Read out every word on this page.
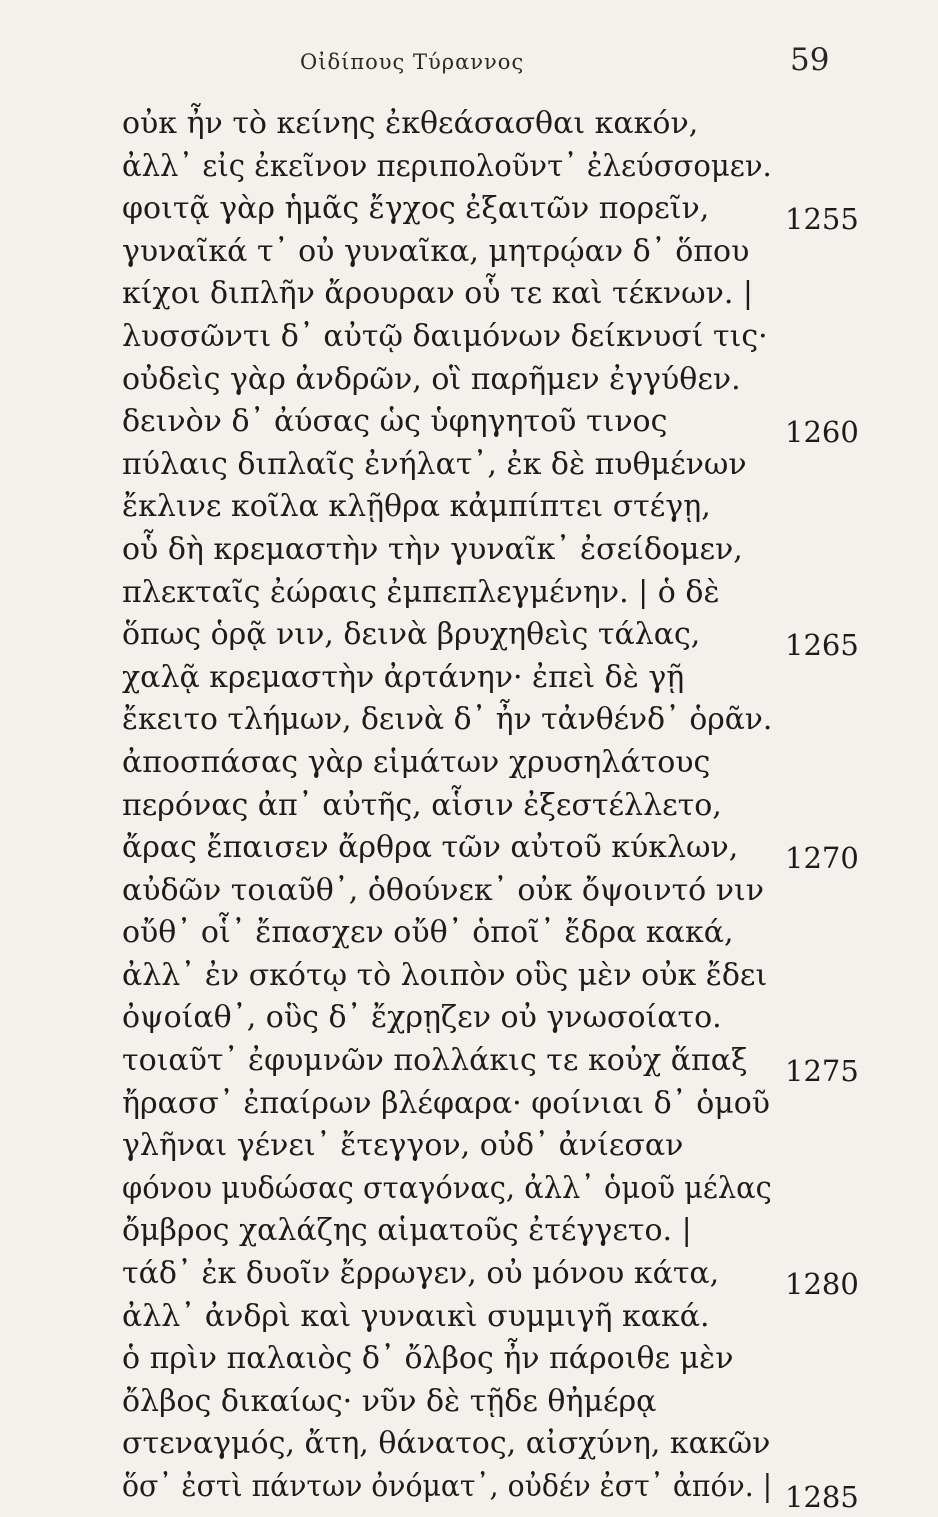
Οἰδίπους Τύραννος	59
οὐκ ἦν τὸ κείνης ἐκθεάσασθαι κακόν,
ἀλλ᾽ εἰς ἐκεῖνον περιπολοῦντ᾽ ἐλεύσσομεν.
φοιτᾷ γὰρ ἡμᾶς ἔγχος ἐξαιτῶν πορεῖν,	1255
γυναῖκά τ᾽ οὐ γυναῖκα, μητρῴαν δ᾽ ὅπου
κίχοι διπλῆν ἄρουραν οὗ τε καὶ τέκνων. |
λυσσῶντι δ᾽ αὐτῷ δαιμόνων δείκνυσί τις·
οὐδεὶς γὰρ ἀνδρῶν, οἳ παρῆμεν ἐγγύθεν.
δεινὸν δ᾽ ἀύσας ὡς ὑφηγητοῦ τινος	1260
πύλαις διπλαῖς ἐνήλατ᾽, ἐκ δὲ πυθμένων
ἔκλινε κοῖλα κλῇθρα κἀμπίπτει στέγῃ,
οὗ δὴ κρεμαστὴν τὴν γυναῖκ᾽ ἐσείδομεν,
πλεκταῖς ἐώραις ἐμπεπλεγμένην. | ὁ δὲ
ὅπως ὁρᾷ νιν, δεινὰ βρυχηθεὶς τάλας,	1265
χαλᾷ κρεμαστὴν ἀρτάνην· ἐπεὶ δὲ γῇ
ἔκειτο τλήμων, δεινὰ δ᾽ ἦν τἀνθένδ᾽ ὁρᾶν.
ἀποσπάσας γὰρ εἱμάτων χρυσηλάτους
περόνας ἀπ᾽ αὐτῆς, αἷσιν ἐξεστέλλετο,
ἄρας ἔπαισεν ἄρθρα τῶν αὐτοῦ κύκλων, 1270
αὐδῶν τοιαῦθ᾽, ὁθούνεκ᾽ οὐκ ὄψοιντό νιν
οὔθ᾽ οἷ᾽ ἔπασχεν οὔθ᾽ ὁποῖ᾽ ἔδρα κακά,
ἀλλ᾽ ἐν σκότῳ τὸ λοιπὸν οὓς μὲν οὐκ ἔδει
ὀψοίαθ᾽, οὓς δ᾽ ἔχρῃζεν οὐ γνωσοίατο.
τοιαῦτ᾽ ἐφυμνῶν πολλάκις τε κοὐχ ἅπαξ 1275
ἤρασσ᾽ ἐπαίρων βλέφαρα· φοίνιαι δ᾽ ὁμοῦ
γλῆναι γένει᾽ ἔτεγγον, οὐδ᾽ ἀνίεσαν
φόνου μυδώσας σταγόνας, ἀλλ᾽ ὁμοῦ μέλας
ὄμβρος χαλάζης αἱματοῦς ἐτέγγετο. |
τάδ᾽ ἐκ δυοῖν ἔρρωγεν, οὐ μόνου κάτα, 1280
ἀλλ᾽ ἀνδρὶ καὶ γυναικὶ συμμιγῆ κακά.
ὁ πρὶν παλαιὸς δ᾽ ὄλβος ἦν πάροιθε μὲν
ὄλβος δικαίως· νῦν δὲ τῇδε θἠμέρᾳ
στεναγμός, ἄτη, θάνατος, αἰσχύνη, κακῶν
ὅσ᾽ ἐστὶ πάντων ὀνόματ᾽, οὐδέν ἐστ᾽ ἀπόν. | 1285
